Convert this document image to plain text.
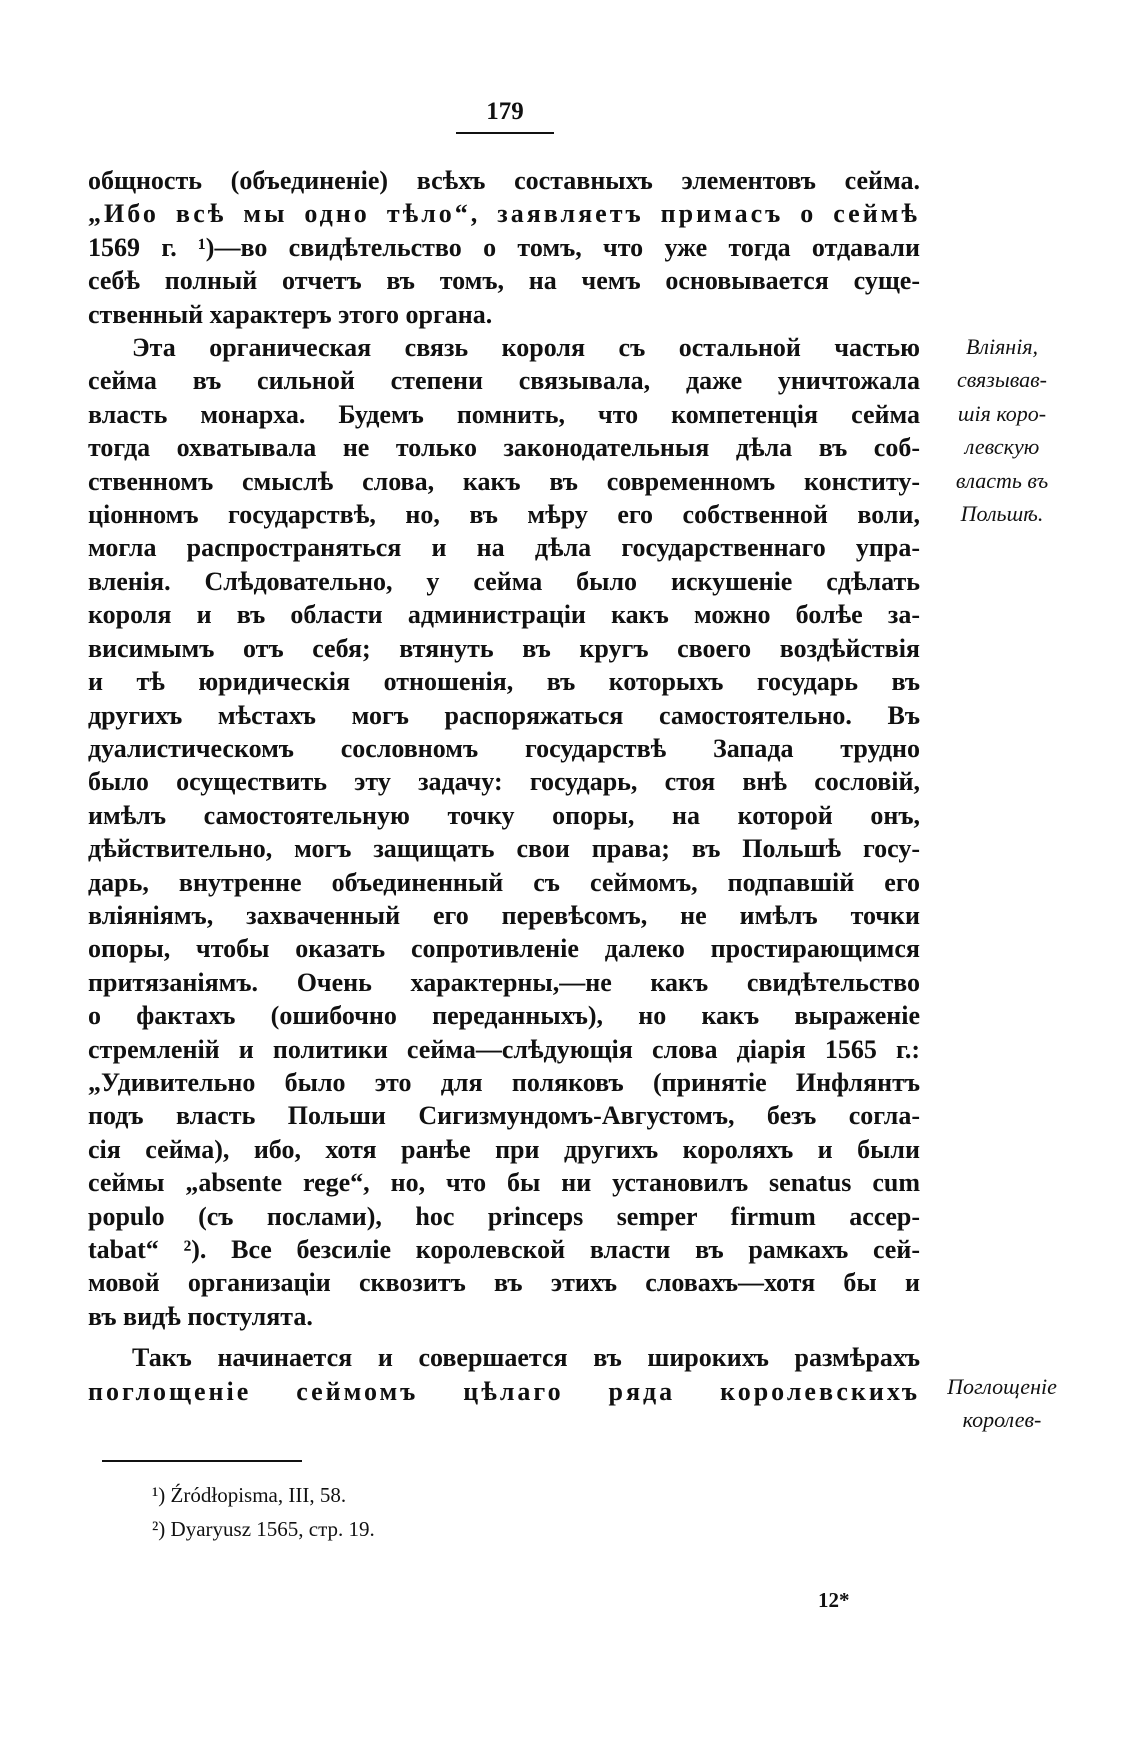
179
общность (объединенiе) всѣхъ составныхъ элементовъ сейма.
„Ибо всѣ мы одно тѣло“, заявляетъ примасъ о сеймѣ
1569 г. ¹)—во свидѣтельство о томъ, что уже тогда отдавали
себѣ полный отчетъ въ томъ, на чемъ основывается суще-
ственный характеръ этого органа.
Эта органическая связь короля съ остальной частью
сейма въ сильной степени связывала, даже уничтожала
власть монарха. Будемъ помнить, что компетенцiя сейма
тогда охватывала не только законодательныя дѣла въ соб-
ственномъ смыслѣ слова, какъ въ современномъ конститу-
цiонномъ государствѣ, но, въ мѣру его собственной воли,
могла распространяться и на дѣла государственнаго упра-
вленiя. Слѣдовательно, у сейма было искушенiе сдѣлать
короля и въ области администрацiи какъ можно болѣе за-
висимымъ отъ себя; втянуть въ кругъ своего воздѣйствiя
и тѣ юридическiя отношенiя, въ которыхъ государь въ
другихъ мѣстахъ могъ распоряжаться самостоятельно. Въ
дуалистическомъ сословномъ государствѣ Запада трудно
было осуществить эту задачу: государь, стоя внѣ сословiй,
имѣлъ самостоятельную точку опоры, на которой онъ,
дѣйствительно, могъ защищать свои права; въ Польшѣ госу-
дарь, внутренне объединенный съ сеймомъ, подпавшiй его
влiянiямъ, захваченный его перевѣсомъ, не имѣлъ точки
опоры, чтобы оказать сопротивленiе далеко простирающимся
притязанiямъ. Очень характерны,—не какъ свидѣтельство
о фактахъ (ошибочно переданныхъ), но какъ выраженiе
стремленiй и политики сейма—слѣдующiя слова дiарiя 1565 г.:
„Удивительно было это для поляковъ (принятiе Инфлянтъ
подъ власть Польши Сигизмундомъ-Августомъ, безъ согла-
сiя сейма), ибо, хотя ранѣе при другихъ короляхъ и были
сеймы „absente rege“, но, что бы ни установилъ senatus cum
populo (съ послами), hoc princeps semper firmum accep-
tabat“ ²). Все безсилiе королевской власти въ рамкахъ сей-
мовой организацiи сквозитъ въ этихъ словахъ—хотя бы и
въ видѣ постулята.
Такъ начинается и совершается въ широкихъ размѣрахъ
поглощенiе сеймомъ цѣлаго ряда королевскихъ
Влiянiя,
связывав-
шiя коро-
левскую
власть въ
Польшѣ.
Поглощенiе
королев-
¹) Źródłopisma, III, 58.
²) Dyaryusz 1565, стр. 19.
12*
